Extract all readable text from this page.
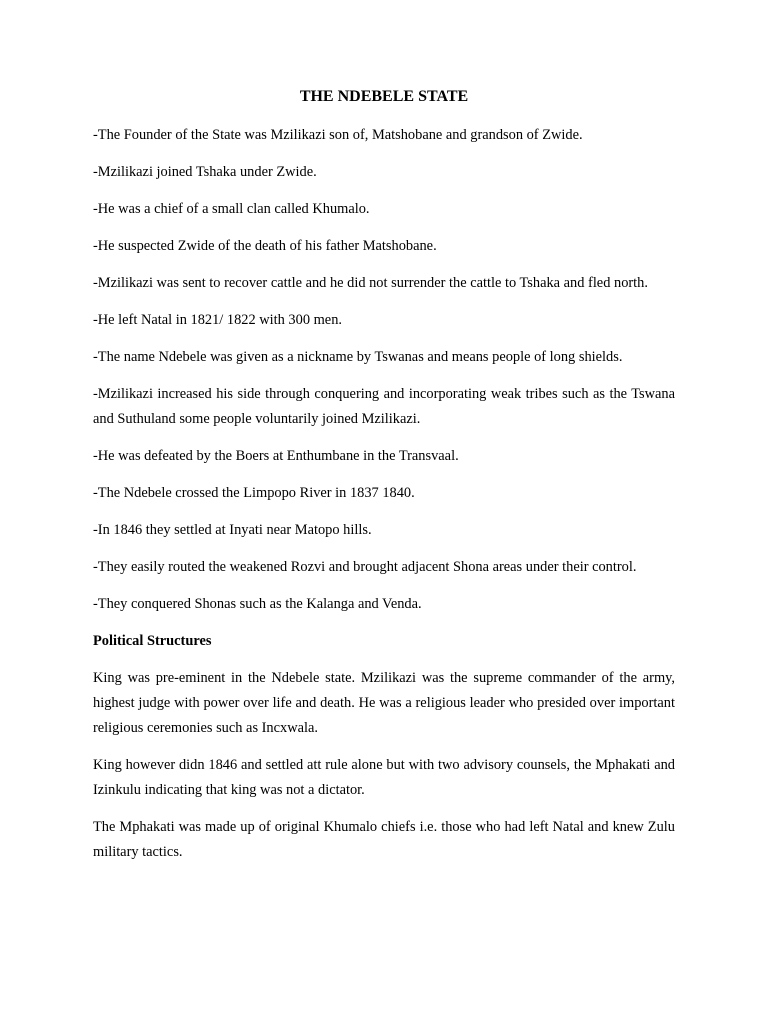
THE NDEBELE STATE

-The Founder of the State was Mzilikazi son of, Matshobane and grandson of Zwide.

-Mzilikazi joined Tshaka under Zwide.

-He was a chief of a small clan called Khumalo.

-He suspected Zwide of the death of his father Matshobane.

-Mzilikazi was sent to recover cattle and he did not surrender the cattle to Tshaka and fled north.

-He left Natal in 1821/ 1822 with 300 men.

-The name Ndebele was given as a nickname by Tswanas and means people of long shields.

-Mzilikazi increased his side through conquering and incorporating weak tribes such as the Tswana and Suthuland some people voluntarily joined Mzilikazi.

-He was defeated by the Boers at Enthumbane in the Transvaal.

-The Ndebele crossed the Limpopo River in 1837 1840.

-In 1846 they settled at Inyati near Matopo hills.

-They easily routed the weakened Rozvi and brought adjacent Shona areas under their control.

-They conquered Shonas such as the Kalanga and Venda.

Political Structures

King was pre-eminent in the Ndebele state. Mzilikazi was the supreme commander of the army, highest judge with power over life and death. He was a religious leader who presided over important religious ceremonies such as Incxwala.

King however didn 1846 and settled att rule alone but with two advisory counsels, the Mphakati and Izinkulu indicating that king was not a dictator.

The Mphakati was made up of original Khumalo chiefs i.e. those who had left Natal and knew Zulu military tactics.
